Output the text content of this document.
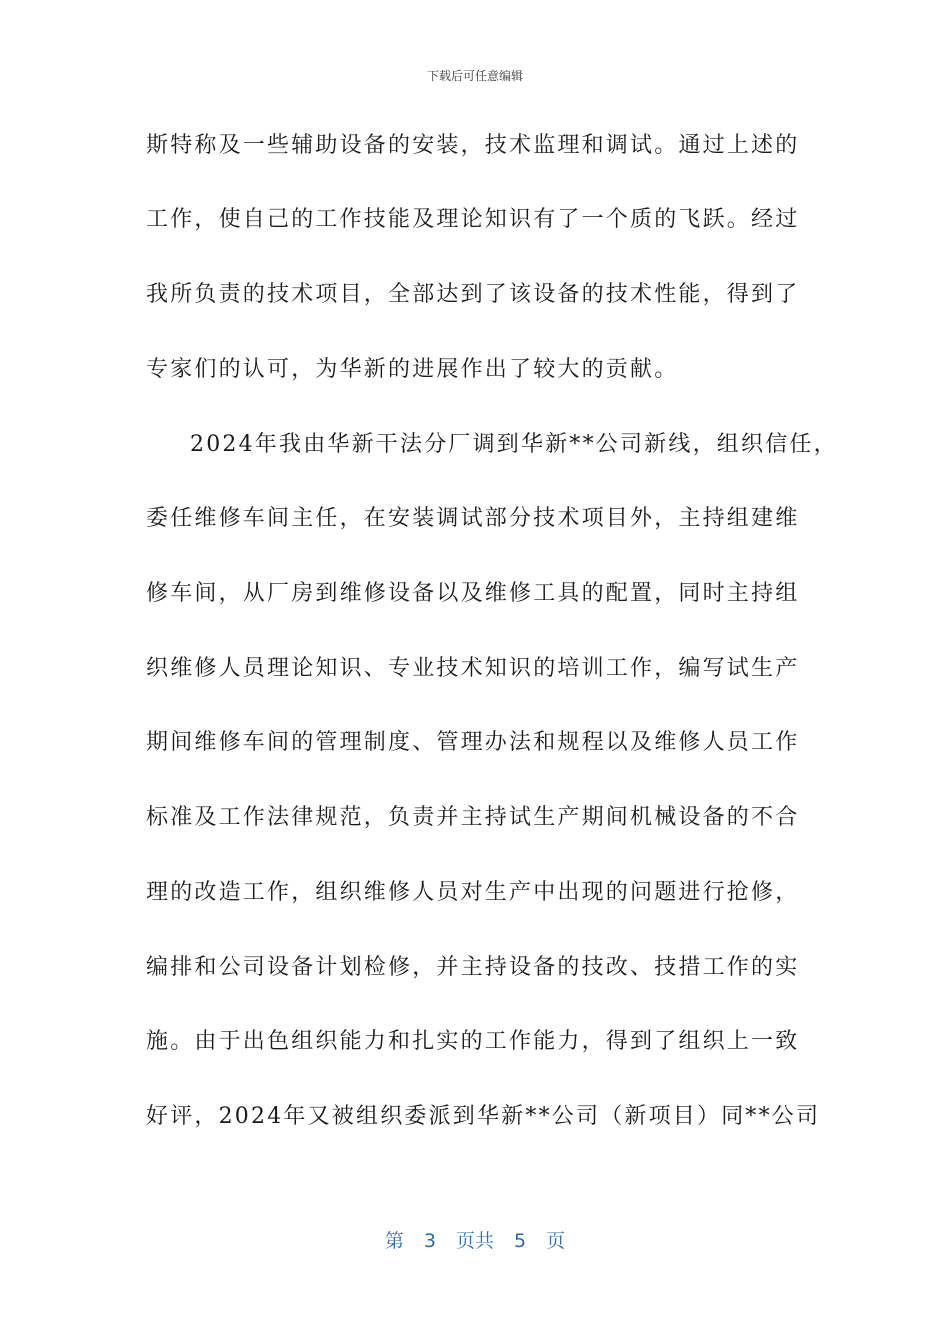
下载后可任意编辑
斯特称及一些辅助设备的安装，技术监理和调试。通过上述的
工作，使自己的工作技能及理论知识有了一个质的飞跃。经过
我所负责的技术项目，全部达到了该设备的技术性能，得到了
专家们的认可，为华新的进展作出了较大的贡献。
2024年我由华新干法分厂调到华新**公司新线，组织信任，
委任维修车间主任，在安装调试部分技术项目外，主持组建维
修车间，从厂房到维修设备以及维修工具的配置，同时主持组
织维修人员理论知识、专业技术知识的培训工作，编写试生产
期间维修车间的管理制度、管理办法和规程以及维修人员工作
标准及工作法律规范，负责并主持试生产期间机械设备的不合
理的改造工作，组织维修人员对生产中出现的问题进行抢修，
编排和公司设备计划检修，并主持设备的技改、技措工作的实
施。由于出色组织能力和扎实的工作能力，得到了组织上一致
好评，2024年又被组织委派到华新**公司（新项目）同**公司
第 3 页共 5 页
